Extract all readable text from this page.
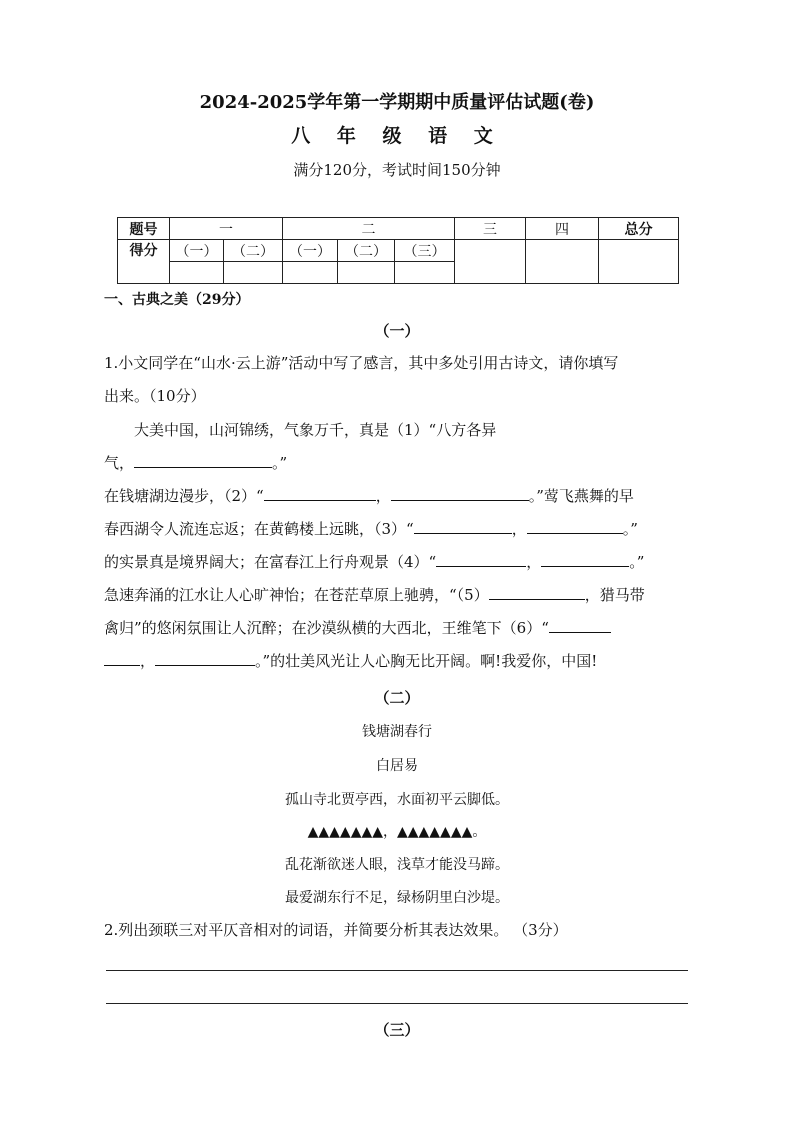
2024-2025学年第一学期期中质量评估试题(卷)
八 年 级 语 文
满分120分，考试时间150分钟
题号	一		二			三	四	总分
得分	（一）	（二）	（一）	（二）	（三）			

一、古典之美（29分）
（一）
1.小文同学在“山水·云上游”活动中写了感言，其中多处引用古诗文，请你填写
出来。（10分）
大美中国，山河锦绣，气象万千，真是（1）“八方各异
气，	。”
在钱塘湖边漫步，（2）“	，	。”莺飞燕舞的早
春西湖令人流连忘返；在黄鹤楼上远眺，（3）“	，	。”
的实景真是境界阔大；在富春江上行舟观景（4）“	，	。”
急速奔涌的江水让人心旷神怡；在苍茫草原上驰骋，“（5）	，猎马带
禽归”的悠闲氛围让人沉醉；在沙漠纵横的大西北，王维笔下（6）“
，	。”的壮美风光让人心胸无比开阔。啊!我爱你，中国!
（二）
钱塘湖春行
白居易
孤山寺北贾亭西，水面初平云脚低。
▲▲▲▲▲▲▲，▲▲▲▲▲▲▲。
乱花渐欲迷人眼，浅草才能没马蹄。
最爱湖东行不足，绿杨阴里白沙堤。
2.列出颈联三对平仄音相对的词语，并简要分析其表达效果。 （3分）
（三）
